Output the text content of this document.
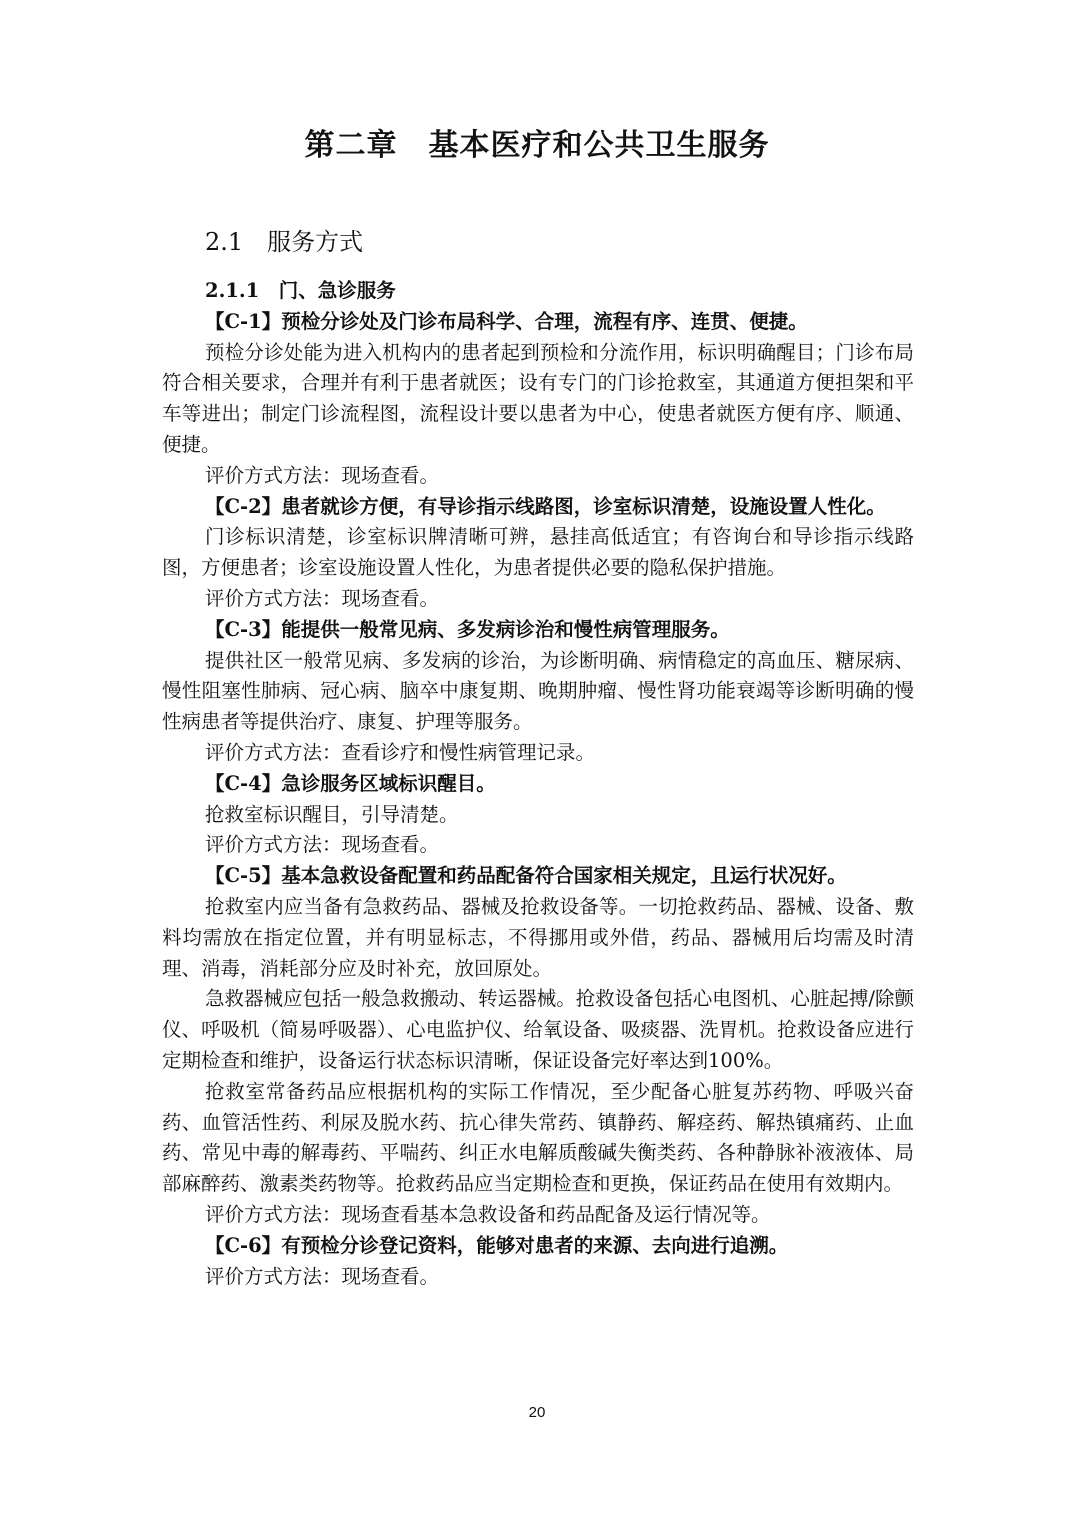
第二章　基本医疗和公共卫生服务
2.1　服务方式

2.1.1　门、急诊服务

【C-1】预检分诊处及门诊布局科学、合理，流程有序、连贯、便捷。

预检分诊处能为进入机构内的患者起到预检和分流作用，标识明确醒目；门诊布局符合相关要求，合理并有利于患者就医；设有专门的门诊抢救室，其通道方便担架和平车等进出；制定门诊流程图，流程设计要以患者为中心，使患者就医方便有序、顺通、便捷。

评价方式方法：现场查看。

【C-2】患者就诊方便，有导诊指示线路图，诊室标识清楚，设施设置人性化。

门诊标识清楚，诊室标识牌清晰可辨，悬挂高低适宜；有咨询台和导诊指示线路图，方便患者；诊室设施设置人性化，为患者提供必要的隐私保护措施。

评价方式方法：现场查看。

【C-3】能提供一般常见病、多发病诊治和慢性病管理服务。

提供社区一般常见病、多发病的诊治，为诊断明确、病情稳定的高血压、糖尿病、慢性阻塞性肺病、冠心病、脑卒中康复期、晚期肿瘤、慢性肾功能衰竭等诊断明确的慢性病患者等提供治疗、康复、护理等服务。

评价方式方法：查看诊疗和慢性病管理记录。

【C-4】急诊服务区域标识醒目。

抢救室标识醒目，引导清楚。

评价方式方法：现场查看。

【C-5】基本急救设备配置和药品配备符合国家相关规定，且运行状况好。

抢救室内应当备有急救药品、器械及抢救设备等。一切抢救药品、器械、设备、敷料均需放在指定位置，并有明显标志，不得挪用或外借，药品、器械用后均需及时清理、消毒，消耗部分应及时补充，放回原处。

急救器械应包括一般急救搬动、转运器械。抢救设备包括心电图机、心脏起搏/除颤仪、呼吸机（简易呼吸器）、心电监护仪、给氧设备、吸痰器、洗胃机。抢救设备应进行定期检查和维护，设备运行状态标识清晰，保证设备完好率达到100%。

抢救室常备药品应根据机构的实际工作情况，至少配备心脏复苏药物、呼吸兴奋药、血管活性药、利尿及脱水药、抗心律失常药、镇静药、解痉药、解热镇痛药、止血药、常见中毒的解毒药、平喘药、纠正水电解质酸碱失衡类药、各种静脉补液液体、局部麻醉药、激素类药物等。抢救药品应当定期检查和更换，保证药品在使用有效期内。

评价方式方法：现场查看基本急救设备和药品配备及运行情况等。

【C-6】有预检分诊登记资料，能够对患者的来源、去向进行追溯。

评价方式方法：现场查看。

20
